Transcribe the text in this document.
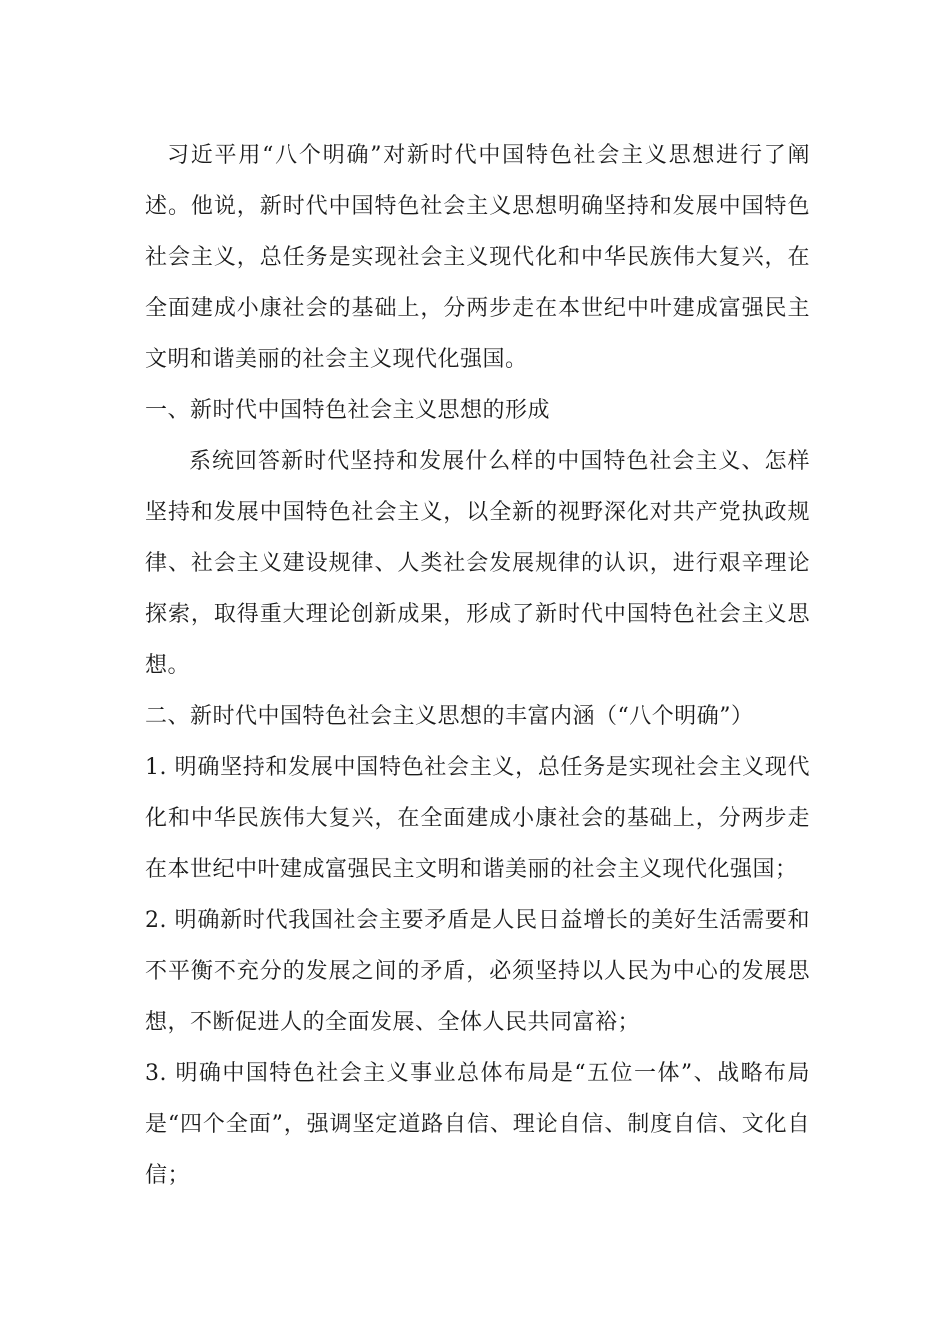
习近平用“八个明确”对新时代中国特色社会主义思想进行了阐述。他说，新时代中国特色社会主义思想明确坚持和发展中国特色社会主义，总任务是实现社会主义现代化和中华民族伟大复兴，在全面建成小康社会的基础上，分两步走在本世纪中叶建成富强民主文明和谐美丽的社会主义现代化强国。

一、新时代中国特色社会主义思想的形成

系统回答新时代坚持和发展什么样的中国特色社会主义、怎样坚持和发展中国特色社会主义，以全新的视野深化对共产党执政规律、社会主义建设规律、人类社会发展规律的认识，进行艰辛理论探索，取得重大理论创新成果，形成了新时代中国特色社会主义思想。

二、新时代中国特色社会主义思想的丰富内涵（“八个明确”）

1. 明确坚持和发展中国特色社会主义，总任务是实现社会主义现代化和中华民族伟大复兴，在全面建成小康社会的基础上，分两步走在本世纪中叶建成富强民主文明和谐美丽的社会主义现代化强国；

2. 明确新时代我国社会主要矛盾是人民日益增长的美好生活需要和不平衡不充分的发展之间的矛盾，必须坚持以人民为中心的发展思想，不断促进人的全面发展、全体人民共同富裕；

3. 明确中国特色社会主义事业总体布局是“五位一体”、战略布局是“四个全面”，强调坚定道路自信、理论自信、制度自信、文化自信；
